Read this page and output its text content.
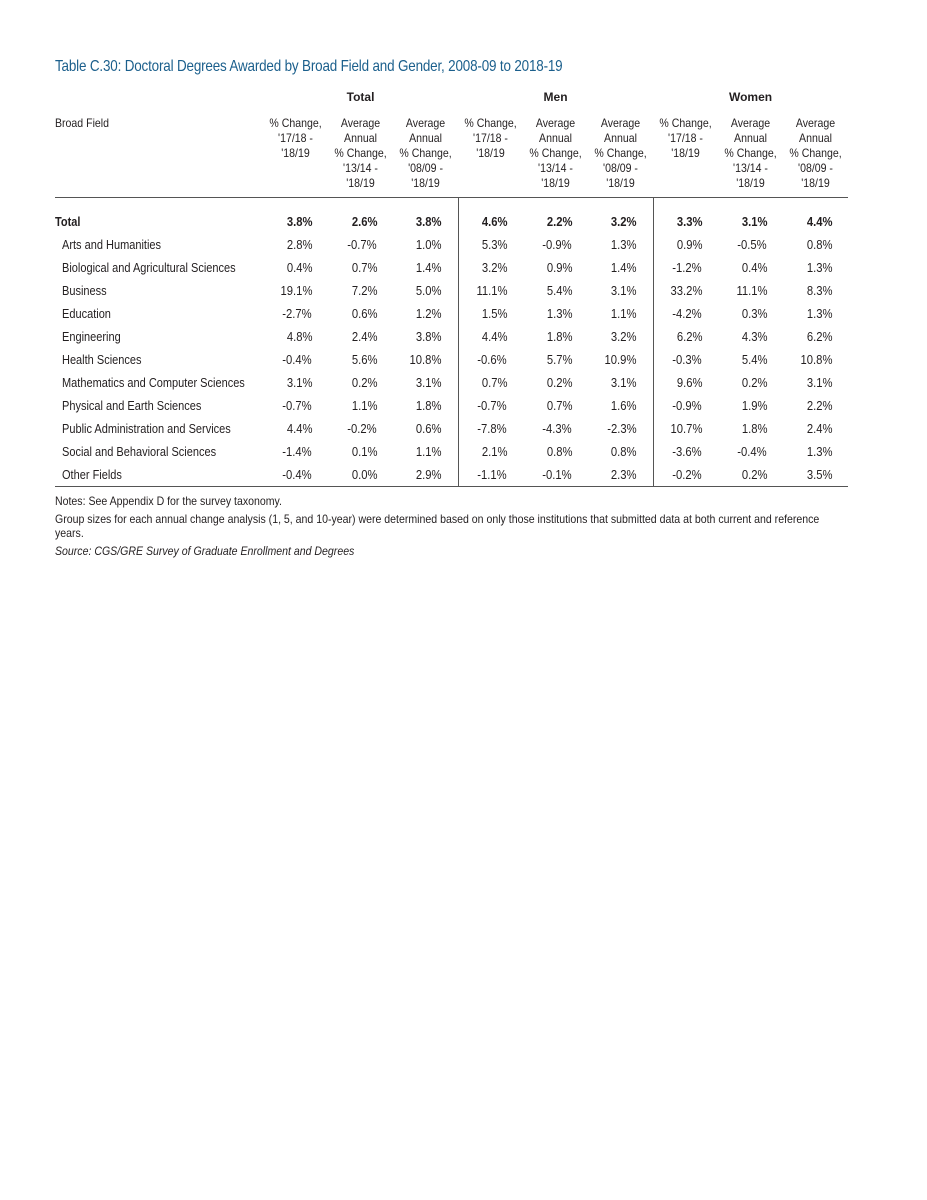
Table C.30: Doctoral Degrees Awarded by Broad Field and Gender, 2008-09 to 2018-19
	Total			Men			Women		

Broad Field	% Change,
'17/18 -
'18/19	Average
Annual
% Change,
'13/14 -
'18/19	Average
Annual
% Change,
'08/09 -
'18/19	% Change,
'17/18 -
'18/19	Average
Annual
% Change,
'13/14 -
'18/19	Average
Annual
% Change,
'08/09 -
'18/19	% Change,
'17/18 -
'18/19	Average
Annual
% Change,
'13/14 -
'18/19	Average
Annual
% Change,
'08/09 -
'18/19

Total	3.8%	2.6%	3.8%	4.6%	2.2%	3.2%	3.3%	3.1%	4.4%
Arts and Humanities	2.8%	-0.7%	1.0%	5.3%	-0.9%	1.3%	0.9%	-0.5%	0.8%
Biological and Agricultural Sciences	0.4%	0.7%	1.4%	3.2%	0.9%	1.4%	-1.2%	0.4%	1.3%
Business	19.1%	7.2%	5.0%	11.1%	5.4%	3.1%	33.2%	11.1%	8.3%
Education	-2.7%	0.6%	1.2%	1.5%	1.3%	1.1%	-4.2%	0.3%	1.3%
Engineering	4.8%	2.4%	3.8%	4.4%	1.8%	3.2%	6.2%	4.3%	6.2%
Health Sciences	-0.4%	5.6%	10.8%	-0.6%	5.7%	10.9%	-0.3%	5.4%	10.8%
Mathematics and Computer Sciences	3.1%	0.2%	3.1%	0.7%	0.2%	3.1%	9.6%	0.2%	3.1%
Physical and Earth Sciences	-0.7%	1.1%	1.8%	-0.7%	0.7%	1.6%	-0.9%	1.9%	2.2%
Public Administration and Services	4.4%	-0.2%	0.6%	-7.8%	-4.3%	-2.3%	10.7%	1.8%	2.4%
Social and Behavioral Sciences	-1.4%	0.1%	1.1%	2.1%	0.8%	0.8%	-3.6%	-0.4%	1.3%
Other Fields	-0.4%	0.0%	2.9%	-1.1%	-0.1%	2.3%	-0.2%	0.2%	3.5%

Notes: See Appendix D for the survey taxonomy.

Group sizes for each annual change analysis (1, 5, and 10-year) were determined based on only those institutions that submitted data at both current and reference years.

Source: CGS/GRE Survey of Graduate Enrollment and Degrees
